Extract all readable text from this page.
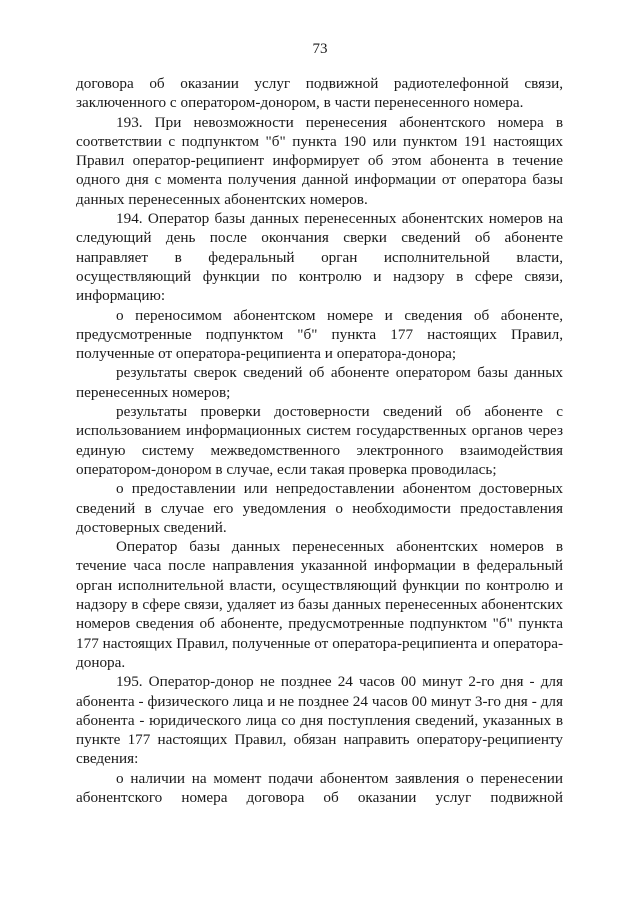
73

договора об оказании услуг подвижной радиотелефонной связи, заключенного с оператором-донором, в части перенесенного номера.

193. При невозможности перенесения абонентского номера в соответствии с подпунктом "б" пункта 190 или пунктом 191 настоящих Правил оператор-реципиент информирует об этом абонента в течение одного дня с момента получения данной информации от оператора базы данных перенесенных абонентских номеров.

194. Оператор базы данных перенесенных абонентских номеров на следующий день после окончания сверки сведений об абоненте направляет в федеральный орган исполнительной власти, осуществляющий функции по контролю и надзору в сфере связи, информацию:

о переносимом абонентском номере и сведения об абоненте, предусмотренные подпунктом "б" пункта 177 настоящих Правил, полученные от оператора-реципиента и оператора-донора;

результаты сверок сведений об абоненте оператором базы данных перенесенных номеров;

результаты проверки достоверности сведений об абоненте с использованием информационных систем государственных органов через единую систему межведомственного электронного взаимодействия оператором-донором в случае, если такая проверка проводилась;

о предоставлении или непредоставлении абонентом достоверных сведений в случае его уведомления о необходимости предоставления достоверных сведений.

Оператор базы данных перенесенных абонентских номеров в течение часа после направления указанной информации в федеральный орган исполнительной власти, осуществляющий функции по контролю и надзору в сфере связи, удаляет из базы данных перенесенных абонентских номеров сведения об абоненте, предусмотренные подпунктом "б" пункта 177 настоящих Правил, полученные от оператора-реципиента и оператора-донора.

195. Оператор-донор не позднее 24 часов 00 минут 2-го дня - для абонента - физического лица и не позднее 24 часов 00 минут 3-го дня - для абонента - юридического лица со дня поступления сведений, указанных в пункте 177 настоящих Правил, обязан направить оператору-реципиенту сведения:

о наличии на момент подачи абонентом заявления о перенесении абонентского номера договора об оказании услуг подвижной
